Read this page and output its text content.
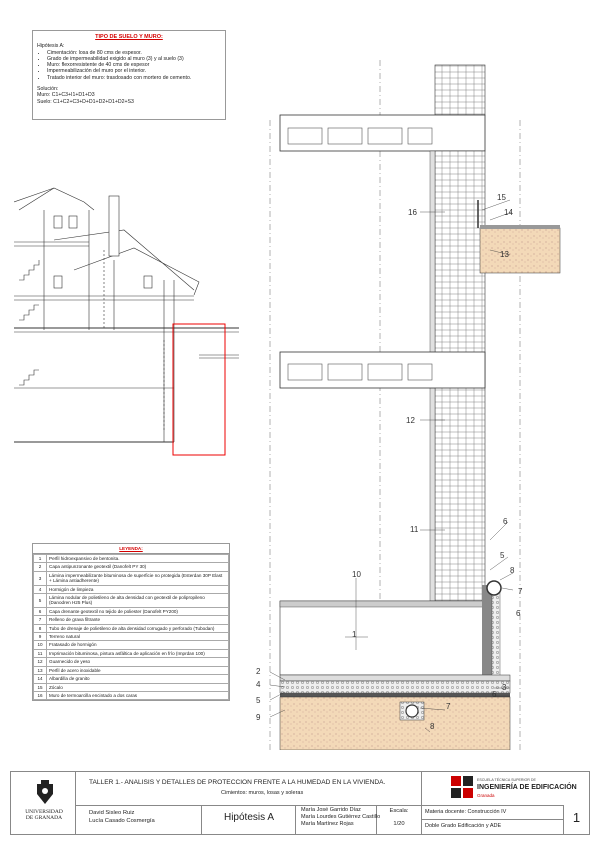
TIPO DE SUELO Y MURO:
Hipótesis A:
• Cimentación: losa de 80 cms de espesor.
• Grado de impermeabilidad exigido al muro (3) y al suelo (3)
• Muro: flexorresistente de 40 cms de espesor
• Impermeabilización del muro por el interior.
• Tratado interior del muro: trasdosado con mortero de cemento.
Solución:
Muro: C1+C3+I1+D1+D3
Suelo: C1+C2+C3+D+D1+D2+D1+D2+S3
1
2
3
4
5
6
7
8
9
10
11
12
13
14
15
16
6
5
8
7
6
LEYENDA:
1	Perfil hidroexpansivo de bentonita.
2	Capa antipunzonante geotextil (Danofelt PY 30)
3	Lámina impermeabilizante bituminosa de superficie no protegida (Esterdan 30P Elast + Lámina antiadherente)
4	Hormigón de limpieza
5	Lámina nodular de polietileno de alta densidad con geotextil de polipropileno (Danodren H25 Plus)
6	Capa drenante geotextil no tejido de poliester (Danofelt PY200)
7	Relleno de grava filtrante
8	Tubo de drenaje de polietileno de alta densidad corrugado y perforado (Tubodan)
9	Terreno natural
10	Fratasado de hormigón
11	Imprimación bituminosa, pintura asfáltica de aplicación en frío (Imprdan 100)
12	Guarnecido de yeso
13	Perfil de acero inoxidable
14	Albardilla de granito
15	Zócalo
16	Muro de termoarcilla encintado a dos caras
UNIVERSIDAD
DE GRANADA
TALLER 1.- ANALISIS Y DETALLES DE PROTECCION FRENTE A LA HUMEDAD EN LA VIVIENDA.
Cimientos: muros, losas y soleras
ESCUELA TÉCNICA SUPERIOR DE
INGENIERÍA DE EDIFICACIÓN
Granada
David Sisleo Ruiz
Lucía Casado Cosmergía	Hipótesis A
María José Garrido Díaz
María Lourdes Gutiérrez Castillo
María Martínez Rojas
Escala:
1/20
Materia docente: Construcción IV
Doble Grado Edificación y ADE
1
